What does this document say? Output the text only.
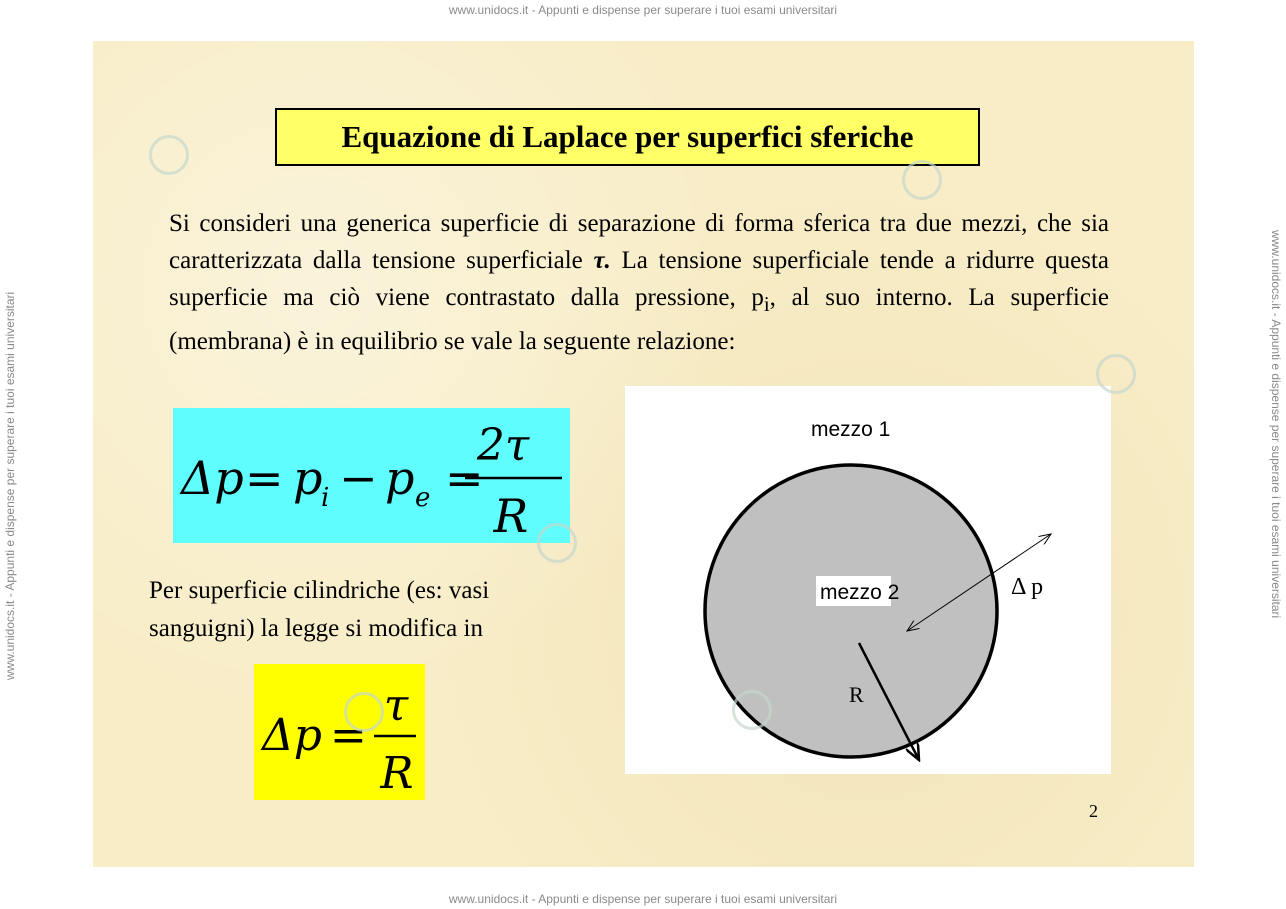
www.unidocs.it - Appunti e dispense per superare i tuoi esami universitari
www.unidocs.it - Appunti e dispense per superare i tuoi esami universitari
www.unidocs.it - Appunti e dispense per superare i tuoi esami universitari	www.unidocs.it - Appunti e dispense per superare i tuoi esami universitari
Equazione di Laplace per superfici sferiche
Si consideri una generica superficie di separazione di forma sferica tra due mezzi, che sia caratterizzata dalla tensione superficiale τ. La tensione superficiale tende a ridurre questa superficie ma ciò viene contrastato dalla pressione, $p_i$, al suo interno. La superficie (membrana) è in equilibrio se vale la seguente relazione:
Δp = p
i − p e =
2τ
R
Per superficie cilindriche (es: vasi sanguigni) la legge si modifica in
Δp =
τ
R
mezzo 1
mezzo 2	Δ p
R
2
